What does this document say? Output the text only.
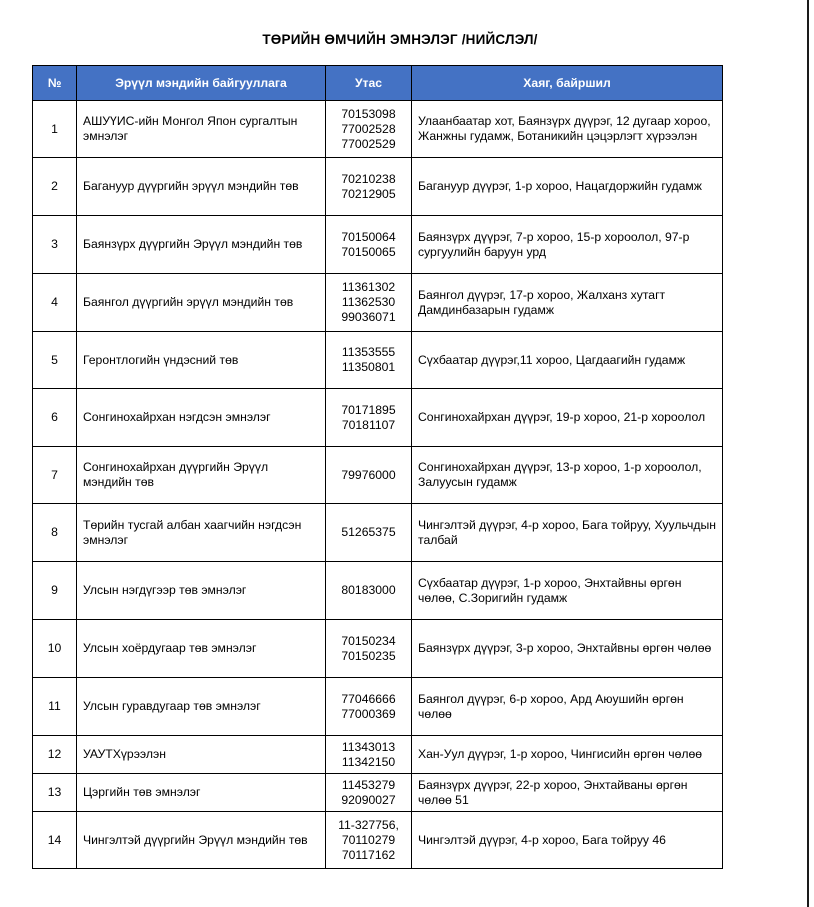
ТӨРИЙН ӨМЧИЙН ЭМНЭЛЭГ /НИЙСЛЭЛ/
№	Эрүүл мэндийн байгууллага	Утас	Хаяг, байршил
1	АШУҮИС-ийн Монгол Япон сургалтын эмнэлэг	70153098
77002528
77002529	Улаанбаатар хот, Баянзүрх дүүрэг, 12 дугаар хороо, Жанжны гудамж, Ботаникийн цэцэрлэгт хүрээлэн
2	Багануур дүүргийн эрүүл мэндийн төв	70210238
70212905	Багануур дүүрэг, 1-р хороо, Нацагдоржийн гудамж
3	Баянзүрх дүүргийн Эрүүл мэндийн төв	70150064
70150065	Баянзүрх дүүрэг, 7-р хороо, 15-р хороолол, 97-р сургуулийн баруун урд
4	Баянгол дүүргийн эрүүл мэндийн төв	11361302
11362530
99036071	Баянгол дүүрэг, 17-р хороо, Жалханз хутагт Дамдинбазарын гудамж
5	Геронтлогийн үндэсний төв	11353555
11350801	Сүхбаатар дүүрэг,11 хороо, Цагдаагийн гудамж
6	Сонгинохайрхан нэгдсэн эмнэлэг	70171895
70181107	Сонгинохайрхан дүүрэг, 19-р хороо, 21-р хороолол
7	Сонгинохайрхан дүүргийн Эрүүл мэндийн төв	79976000	Сонгинохайрхан дүүрэг, 13-р хороо, 1-р хороолол, Залуусын гудамж
8	Төрийн тусгай албан хаагчийн нэгдсэн эмнэлэг	51265375	Чингэлтэй дүүрэг, 4-р хороо, Бага тойруу, Хуульчдын талбай
9	Улсын нэгдүгээр төв эмнэлэг	80183000	Сүхбаатар дүүрэг, 1-р хороо, Энхтайвны өргөн чөлөө, С.Зоригийн гудамж
10	Улсын хоёрдугаар төв эмнэлэг	70150234
70150235	Баянзүрх дүүрэг, 3-р хороо, Энхтайвны өргөн чөлөө
11	Улсын гуравдугаар төв эмнэлэг	77046666
77000369	Баянгол дүүрэг, 6-р хороо, Ард Аюушийн өргөн чөлөө
12	УАУТХүрээлэн	11343013
11342150	Хан-Уул дүүрэг, 1-р хороо, Чингисийн өргөн чөлөө
13	Цэргийн төв эмнэлэг	11453279
92090027	Баянзүрх дүүрэг, 22-р хороо, Энхтайваны өргөн чөлөө 51
14	Чингэлтэй дүүргийн Эрүүл мэндийн төв	11-327756,
70110279
70117162	Чингэлтэй дүүрэг, 4-р хороо, Бага тойруу 46
